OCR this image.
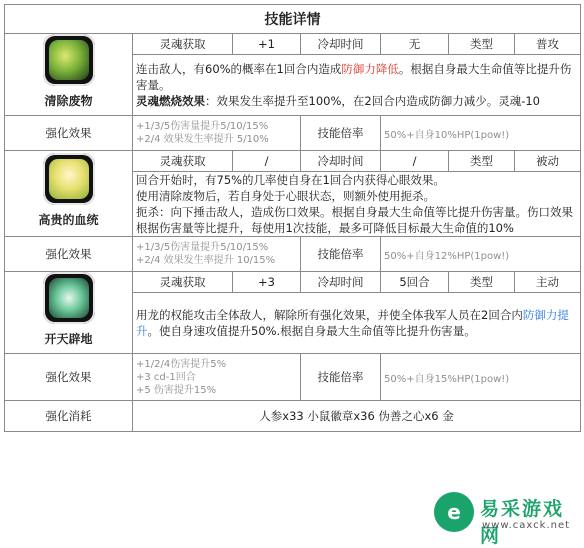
技能详情						

清除废物	灵魂获取	+1	冷却时间	无	类型	普攻
	连击敌人，有60%的概率在1回合内造成防御力降低。根据自身最大生命值等比提升伤害量。
灵魂燃烧效果：效果发生率提升至100%，在2回合内造成防御力减少。灵魂-10					
强化效果	+1/3/5伤害量提升5/10/15%
+2/4 效果发生率提升 5/10%		技能倍率	50%+自身10%HP(1pow!)		

高贵的血统	灵魂获取	/	冷却时间	/	类型	被动

	回合开始时，有75%的几率使自身在1回合内获得心眼效果。
使用清除废物后，若自身处于心眼状态，则额外使用扼杀。
扼杀：向下捶击敌人，造成伤口效果。根据自身最大生命值等比提升伤害量。伤口效果根据伤害量等比提升，每使用1次技能，最多可降低目标最大生命值的10%					

强化效果	+1/3/5伤害量提升5/10/15%
+2/4 效果发生率提升 10/15%		技能倍率	50%+自身12%HP(1pow!)		

开天辟地	灵魂获取	+3	冷却时间	5回合	类型	主动
	用龙的权能攻击全体敌人，解除所有强化效果，并使全体我军人员在2回合内防御力提升。使自身速攻值提升50%.根据自身最大生命值等比提升伤害量。					
强化效果	+1/2/4伤害提升5%
+3 cd-1回合
+5 伤害提升15%		技能倍率	50%+自身15%HP(1pow!)		
强化消耗	人参x33 小鼠徽章x36 伪善之心x6 金					
e	易采游戏网
www.caxck.net
